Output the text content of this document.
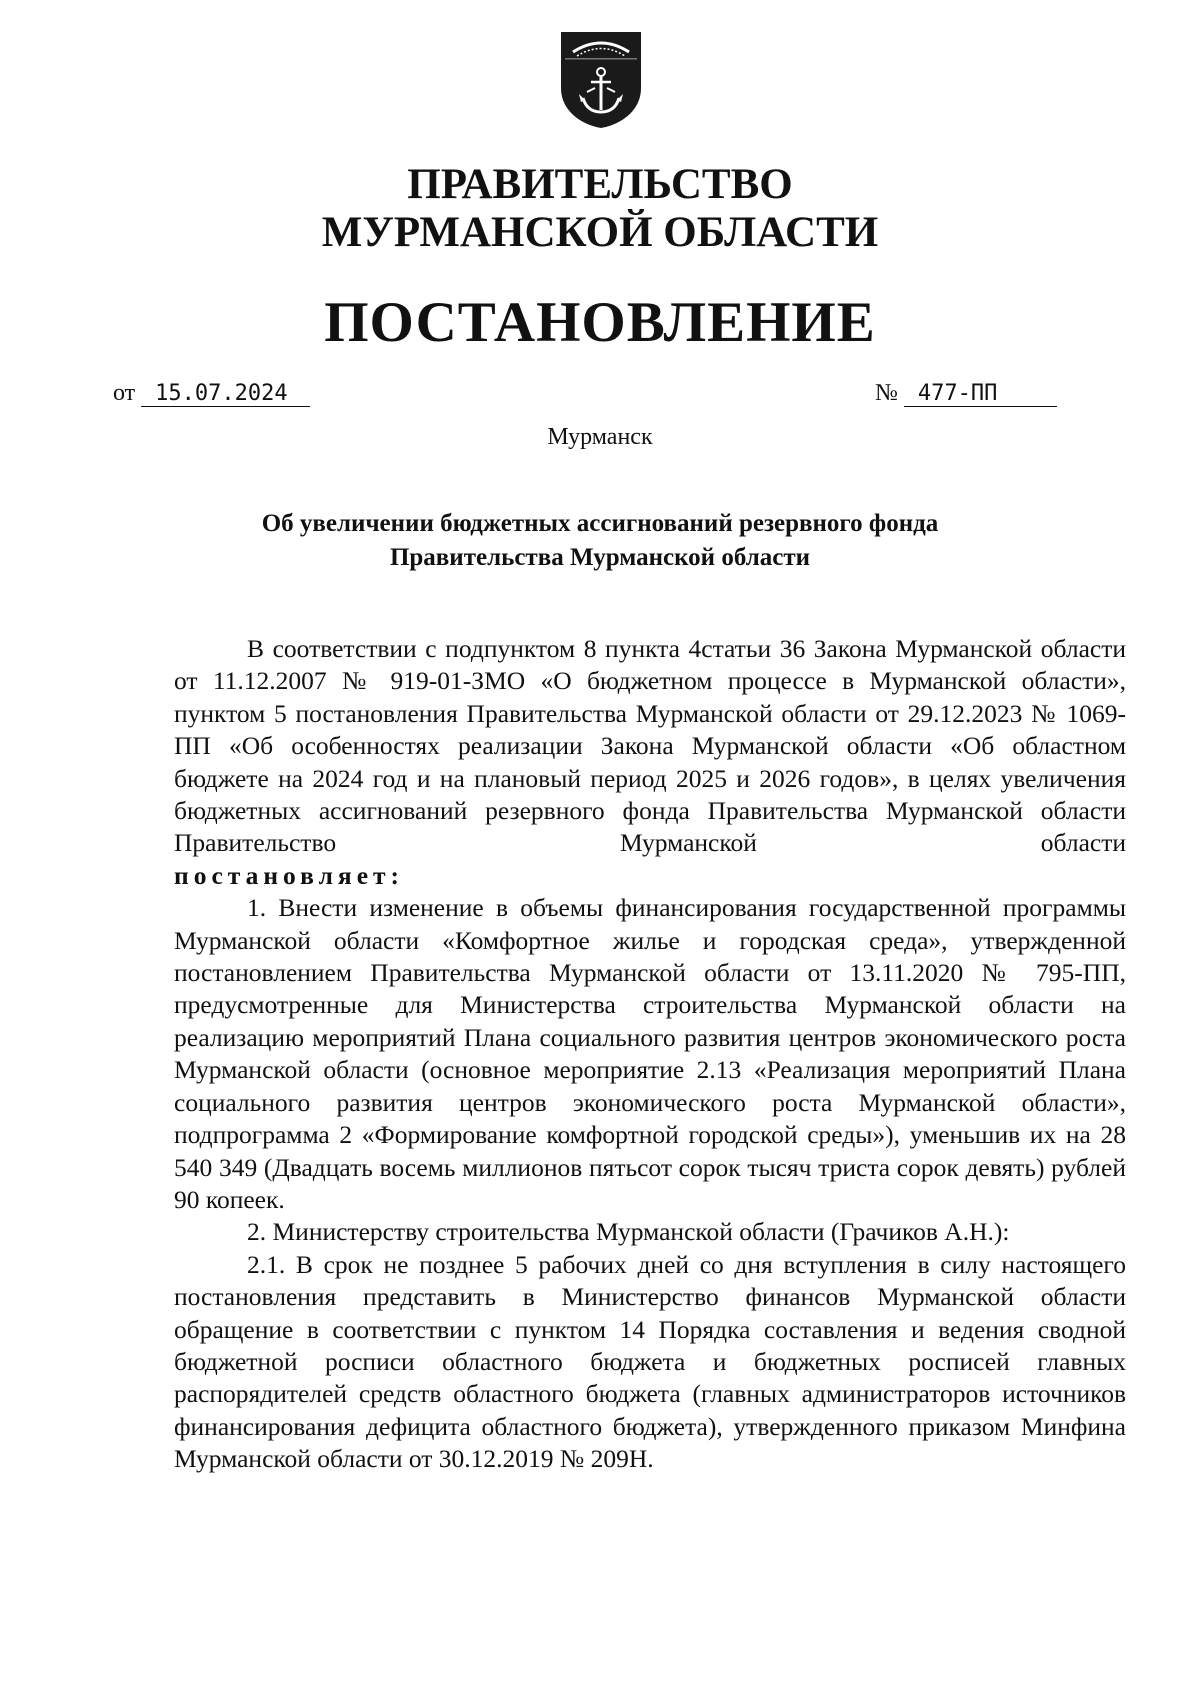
ПРАВИТЕЛЬСТВО
МУРМАНСКОЙ ОБЛАСТИ
ПОСТАНОВЛЕНИЕ
от 15.07.2024	№ 477-ПП
Мурманск
Об увеличении бюджетных ассигнований резервного фонда
Правительства Мурманской области

В соответствии с подпунктом 8 пункта 4статьи 36 Закона Мурманской области от 11.12.2007 № 919-01-ЗМО «О бюджетном процессе в Мурманской области», пунктом 5 постановления Правительства Мурманской области от 29.12.2023 № 1069-ПП «Об особенностях реализации Закона Мурманской области «Об областном бюджете на 2024 год и на плановый период 2025 и 2026 годов», в целях увеличения бюджетных ассигнований резервного фонда Правительства Мурманской области Правительство Мурманской области

постановляет:

1. Внести изменение в объемы финансирования государственной программы Мурманской области «Комфортное жилье и городская среда», утвержденной постановлением Правительства Мурманской области от 13.11.2020 № 795-ПП, предусмотренные для Министерства строительства Мурманской области на реализацию мероприятий Плана социального развития центров экономического роста Мурманской области (основное мероприятие 2.13 «Реализация мероприятий Плана социального развития центров экономического роста Мурманской области», подпрограмма 2 «Формирование комфортной городской среды»), уменьшив их на 28 540 349 (Двадцать восемь миллионов пятьсот сорок тысяч триста сорок девять) рублей 90 копеек.

2. Министерству строительства Мурманской области (Грачиков А.Н.):

2.1. В срок не позднее 5 рабочих дней со дня вступления в силу настоящего постановления представить в Министерство финансов Мурманской области обращение в соответствии с пунктом 14 Порядка составления и ведения сводной бюджетной росписи областного бюджета и бюджетных росписей главных распорядителей средств областного бюджета (главных администраторов источников финансирования дефицита областного бюджета), утвержденного приказом Минфина Мурманской области от 30.12.2019 № 209Н.
